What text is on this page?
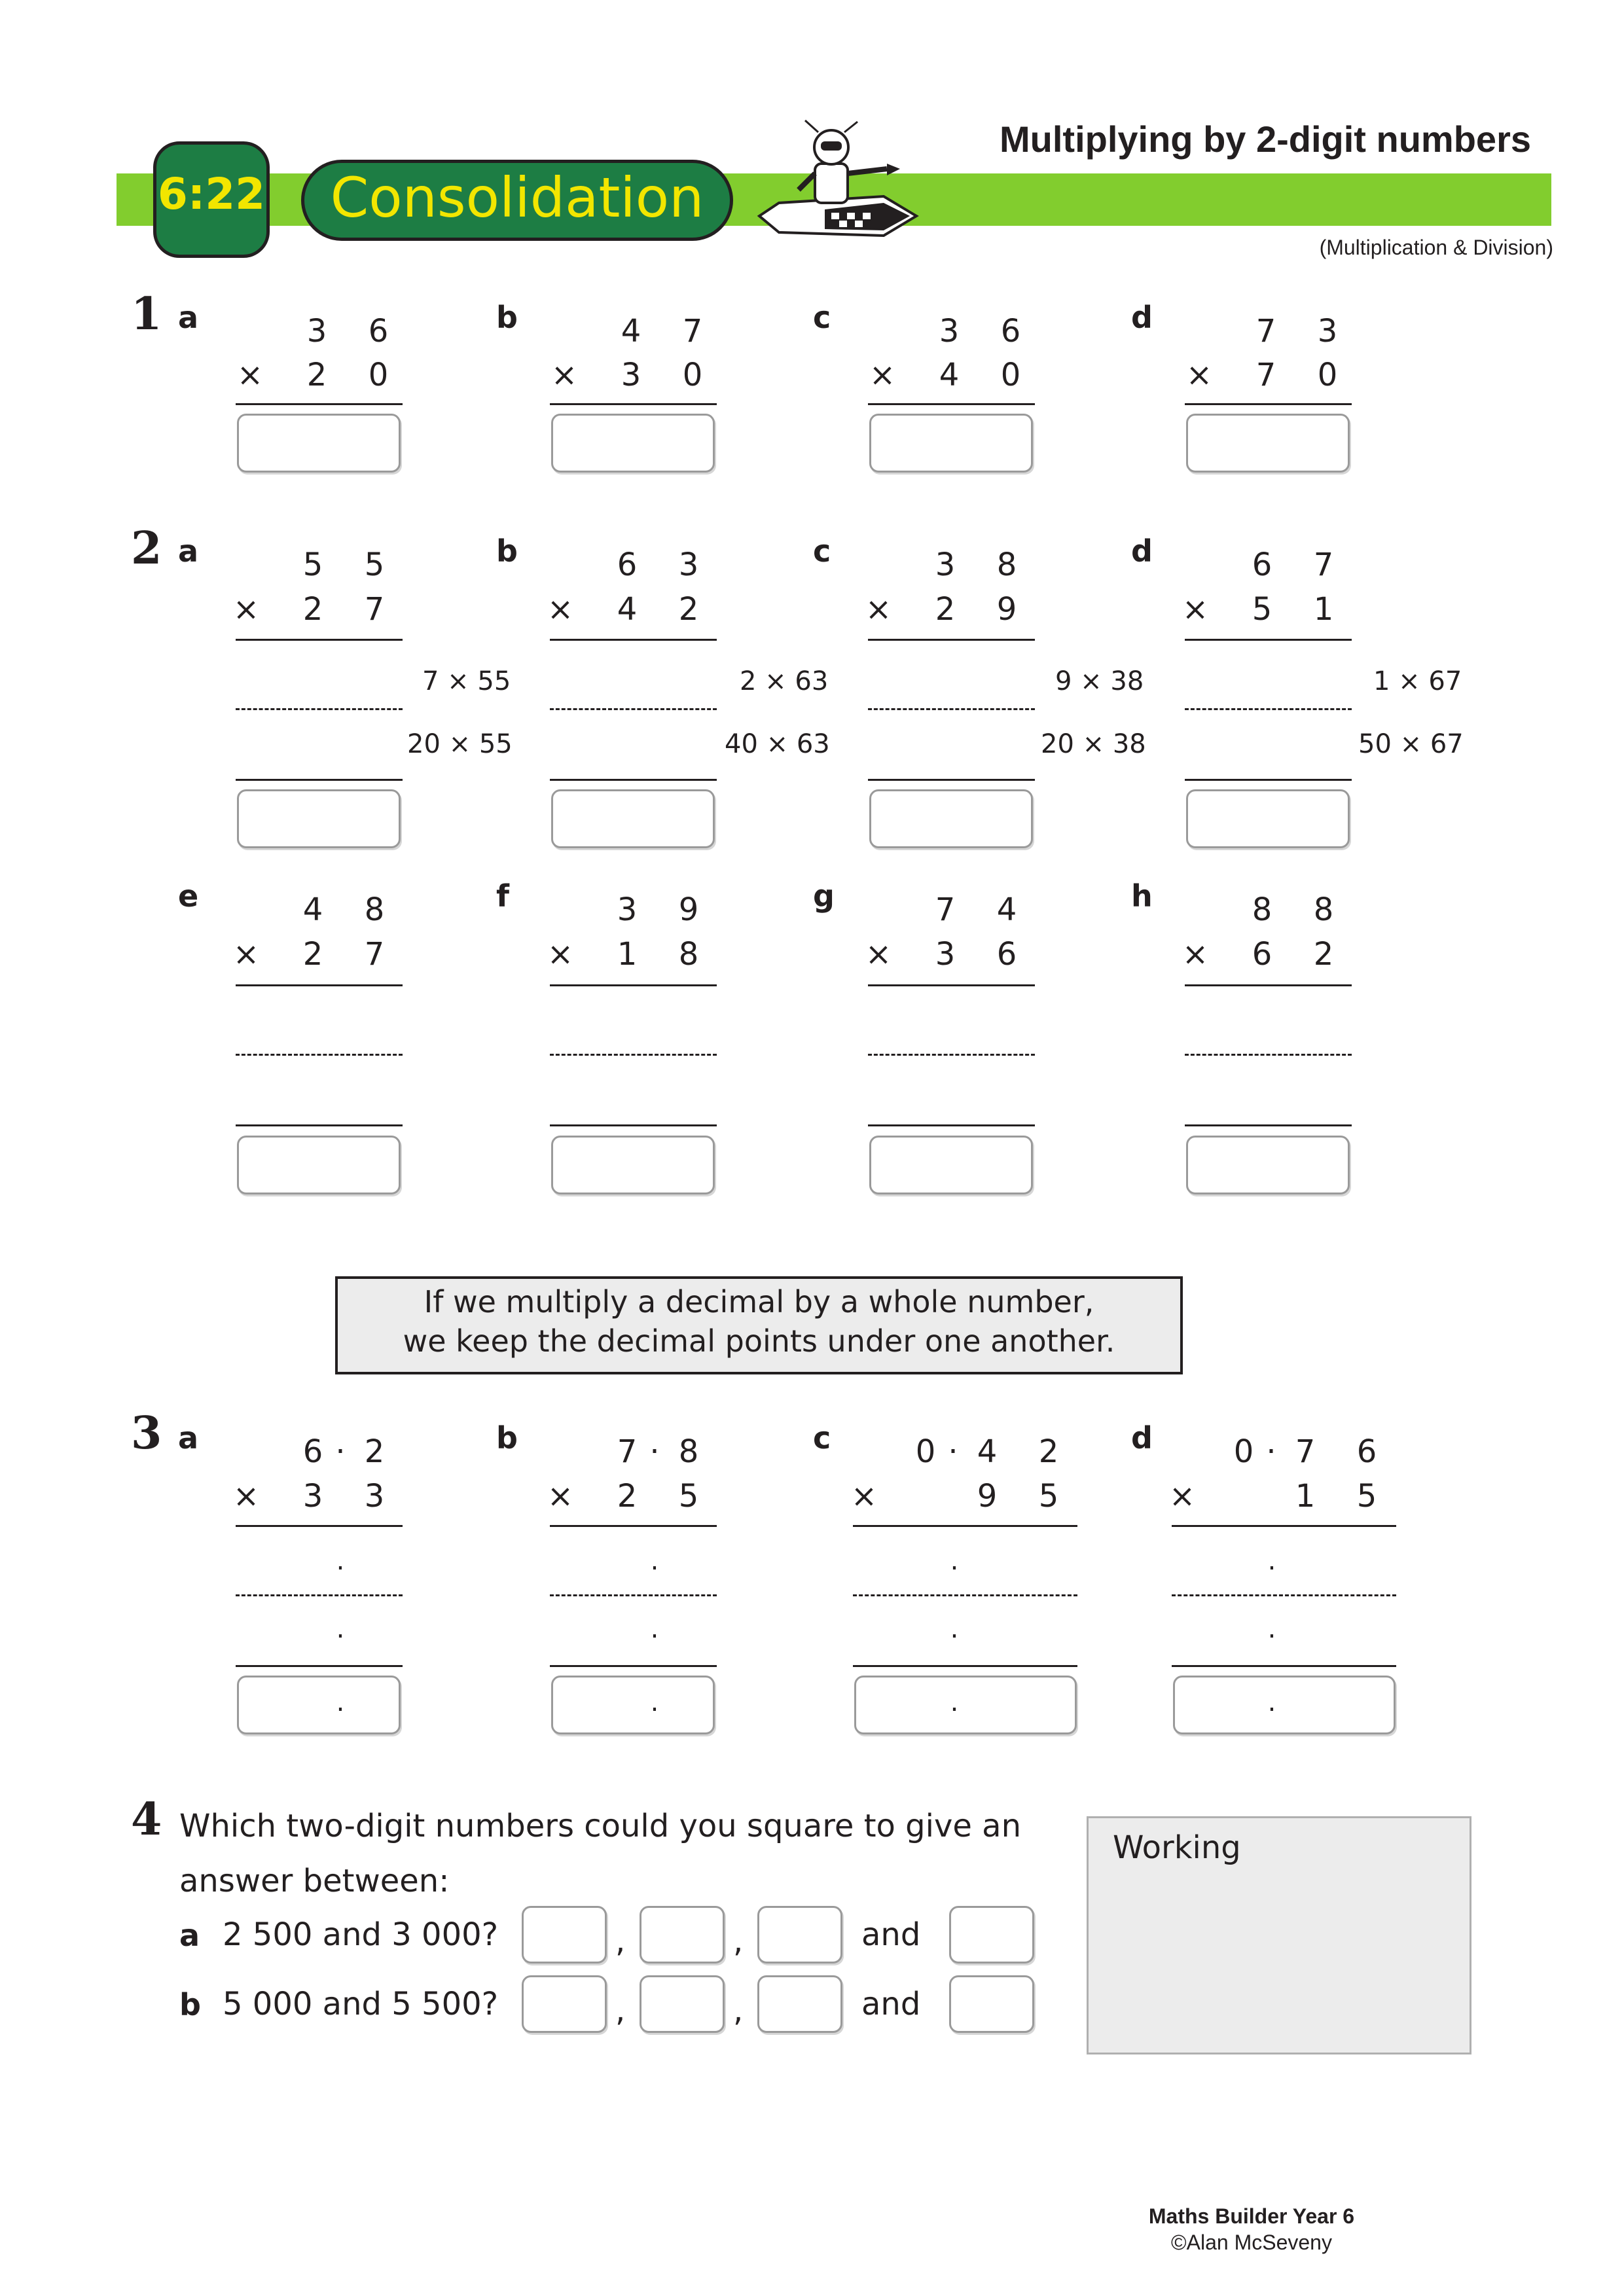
6:22	Consolidation
Multiplying by 2-digit numbers
(Multiplication & Division)
1 a	3	6
×	2	0
b	4	7
×	3	0
c	3	6
×	4	0
d	7	3
×	7	0
2 a	5	5
×	2	7
7 × 55
20 × 55
b	6	3
×	4	2
2 × 63
40 × 63
c	3	8
×	2	9
9 × 38
20 × 38
d	6	7
×	5	1
1 × 67
50 × 67
e	4	8
×	2	7
f	3	9
×	1	8
g	7	4
×	3	6
h	8	8
×	6	2
If we multiply a decimal by a whole number,
we keep the decimal points under one another.
3 a	6 · 2
×	3	3
.
.
.
b	7 · 8
×	2	5
.
.
.
c	0 · 4	2
×	9	5
.
.
.
d	0 · 7	6
×	1	5
.
.
.
4 Which two-digit numbers could you square to give an
answer between:
a 2 500 and 3 000?	,	,	and
b 5 000 and 5 500?	,	,	and
Working
Maths Builder Year 6
©Alan McSeveny
